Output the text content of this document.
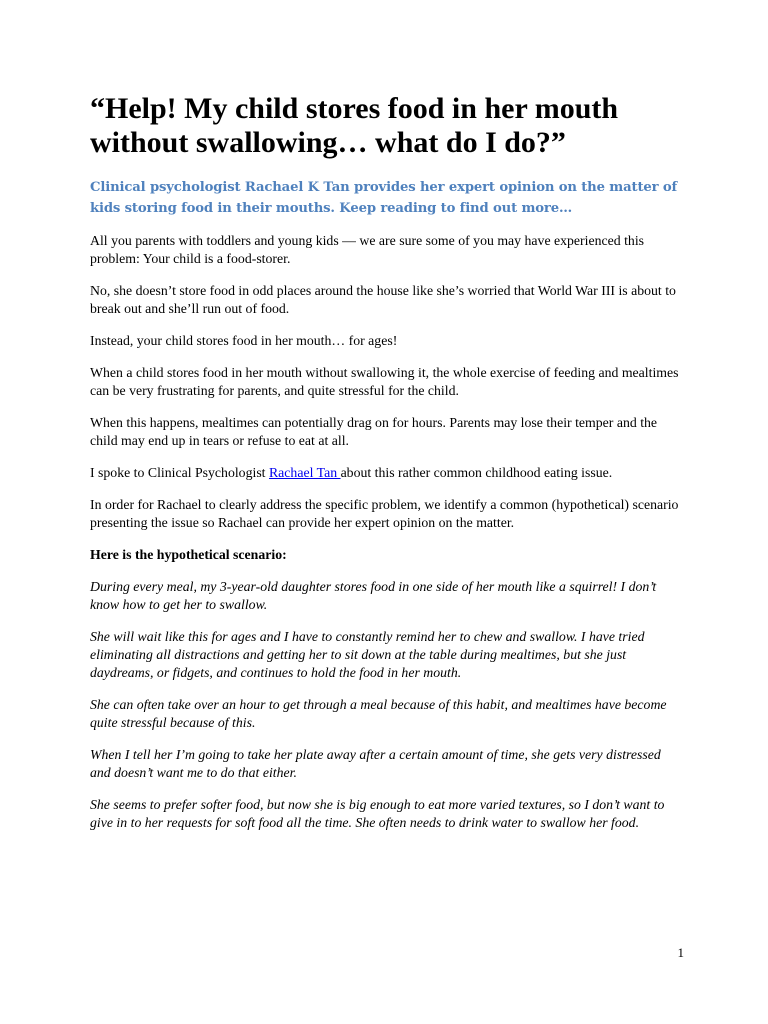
“Help! My child stores food in her mouth without swallowing… what do I do?”

Clinical psychologist Rachael K Tan provides her expert opinion on the matter of kids storing food in their mouths. Keep reading to find out more…

All you parents with toddlers and young kids — we are sure some of you may have experienced this problem: Your child is a food-storer.

No, she doesn’t store food in odd places around the house like she’s worried that World War III is about to break out and she’ll run out of food.

Instead, your child stores food in her mouth… for ages!

When a child stores food in her mouth without swallowing it, the whole exercise of feeding and mealtimes can be very frustrating for parents, and quite stressful for the child.

When this happens, mealtimes can potentially drag on for hours. Parents may lose their temper and the child may end up in tears or refuse to eat at all.

I spoke to Clinical Psychologist Rachael Tan about this rather common childhood eating issue.

In order for Rachael to clearly address the specific problem, we identify a common (hypothetical) scenario presenting the issue so Rachael can provide her expert opinion on the matter.

Here is the hypothetical scenario:

During every meal, my 3-year-old daughter stores food in one side of her mouth like a squirrel! I don’t know how to get her to swallow.

She will wait like this for ages and I have to constantly remind her to chew and swallow. I have tried eliminating all distractions and getting her to sit down at the table during mealtimes, but she just daydreams, or fidgets, and continues to hold the food in her mouth.

She can often take over an hour to get through a meal because of this habit, and mealtimes have become quite stressful because of this.

When I tell her I’m going to take her plate away after a certain amount of time, she gets very distressed and doesn’t want me to do that either.

She seems to prefer softer food, but now she is big enough to eat more varied textures, so I don’t want to give in to her requests for soft food all the time. She often needs to drink water to swallow her food.

1
